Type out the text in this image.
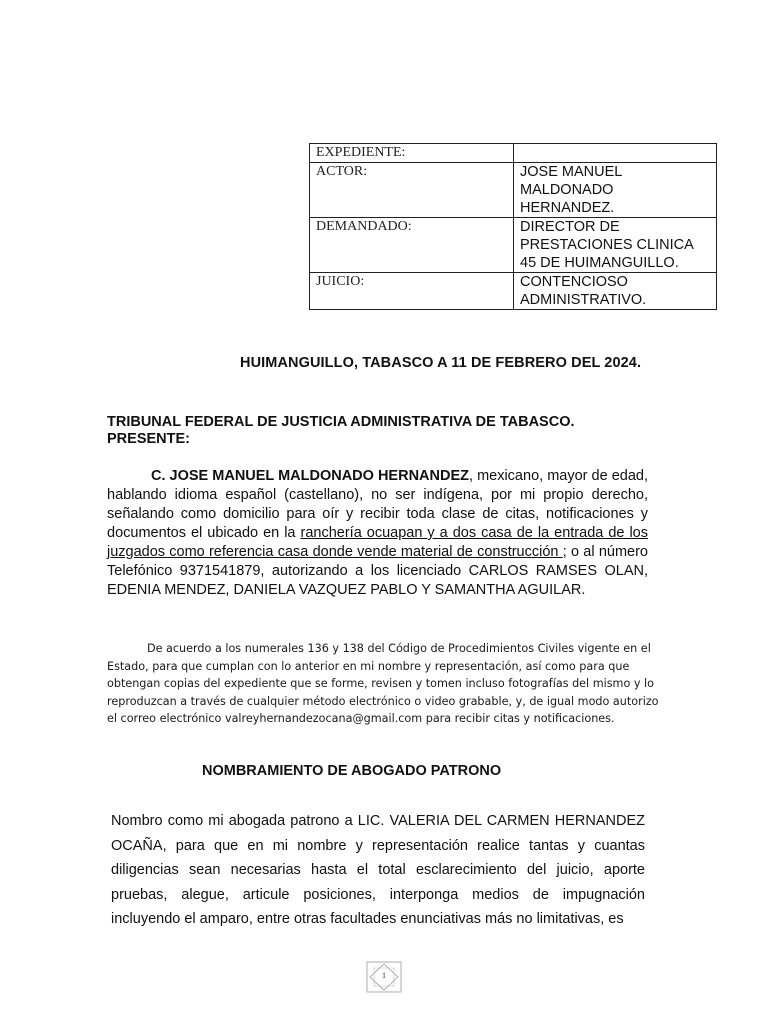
EXPEDIENTE:	
ACTOR:	JOSE MANUEL MALDONADO HERNANDEZ.
DEMANDADO:	DIRECTOR DE PRESTACIONES CLINICA 45 DE HUIMANGUILLO.
JUICIO:	CONTENCIOSO ADMINISTRATIVO.
HUIMANGUILLO, TABASCO A 11 DE FEBRERO DEL 2024.
TRIBUNAL FEDERAL DE JUSTICIA ADMINISTRATIVA DE TABASCO.
PRESENTE:

C. JOSE MANUEL MALDONADO HERNANDEZ, mexicano, mayor de edad, hablando idioma español (castellano), no ser indígena, por mi propio derecho, señalando como domicilio para oír y recibir toda clase de citas, notificaciones y documentos el ubicado en la ranchería ocuapan y a dos casa de la entrada de los juzgados como referencia casa donde vende material de construcción ; o al número Telefónico 9371541879, autorizando a los licenciado CARLOS RAMSES OLAN, EDENIA MENDEZ, DANIELA VAZQUEZ PABLO Y SAMANTHA AGUILAR.

De acuerdo a los numerales 136 y 138 del Código de Procedimientos Civiles vigente en el Estado, para que cumplan con lo anterior en mi nombre y representación, así como para que obtengan copias del expediente que se forme, revisen y tomen incluso fotografías del mismo y lo reproduzcan a través de cualquier método electrónico o video grabable, y, de igual modo autorizo el correo electrónico valreyhernandezocana@gmail.com para recibir citas y notificaciones.

NOMBRAMIENTO DE ABOGADO PATRONO

Nombro como mi abogada patrono a LIC. VALERIA DEL CARMEN HERNANDEZ OCAÑA, para que en mi nombre y representación realice tantas y cuantas diligencias sean necesarias hasta el total esclarecimiento del juicio, aporte pruebas, alegue, articule posiciones, interponga medios de impugnación incluyendo el amparo, entre otras facultades enunciativas más no limitativas, es

1
